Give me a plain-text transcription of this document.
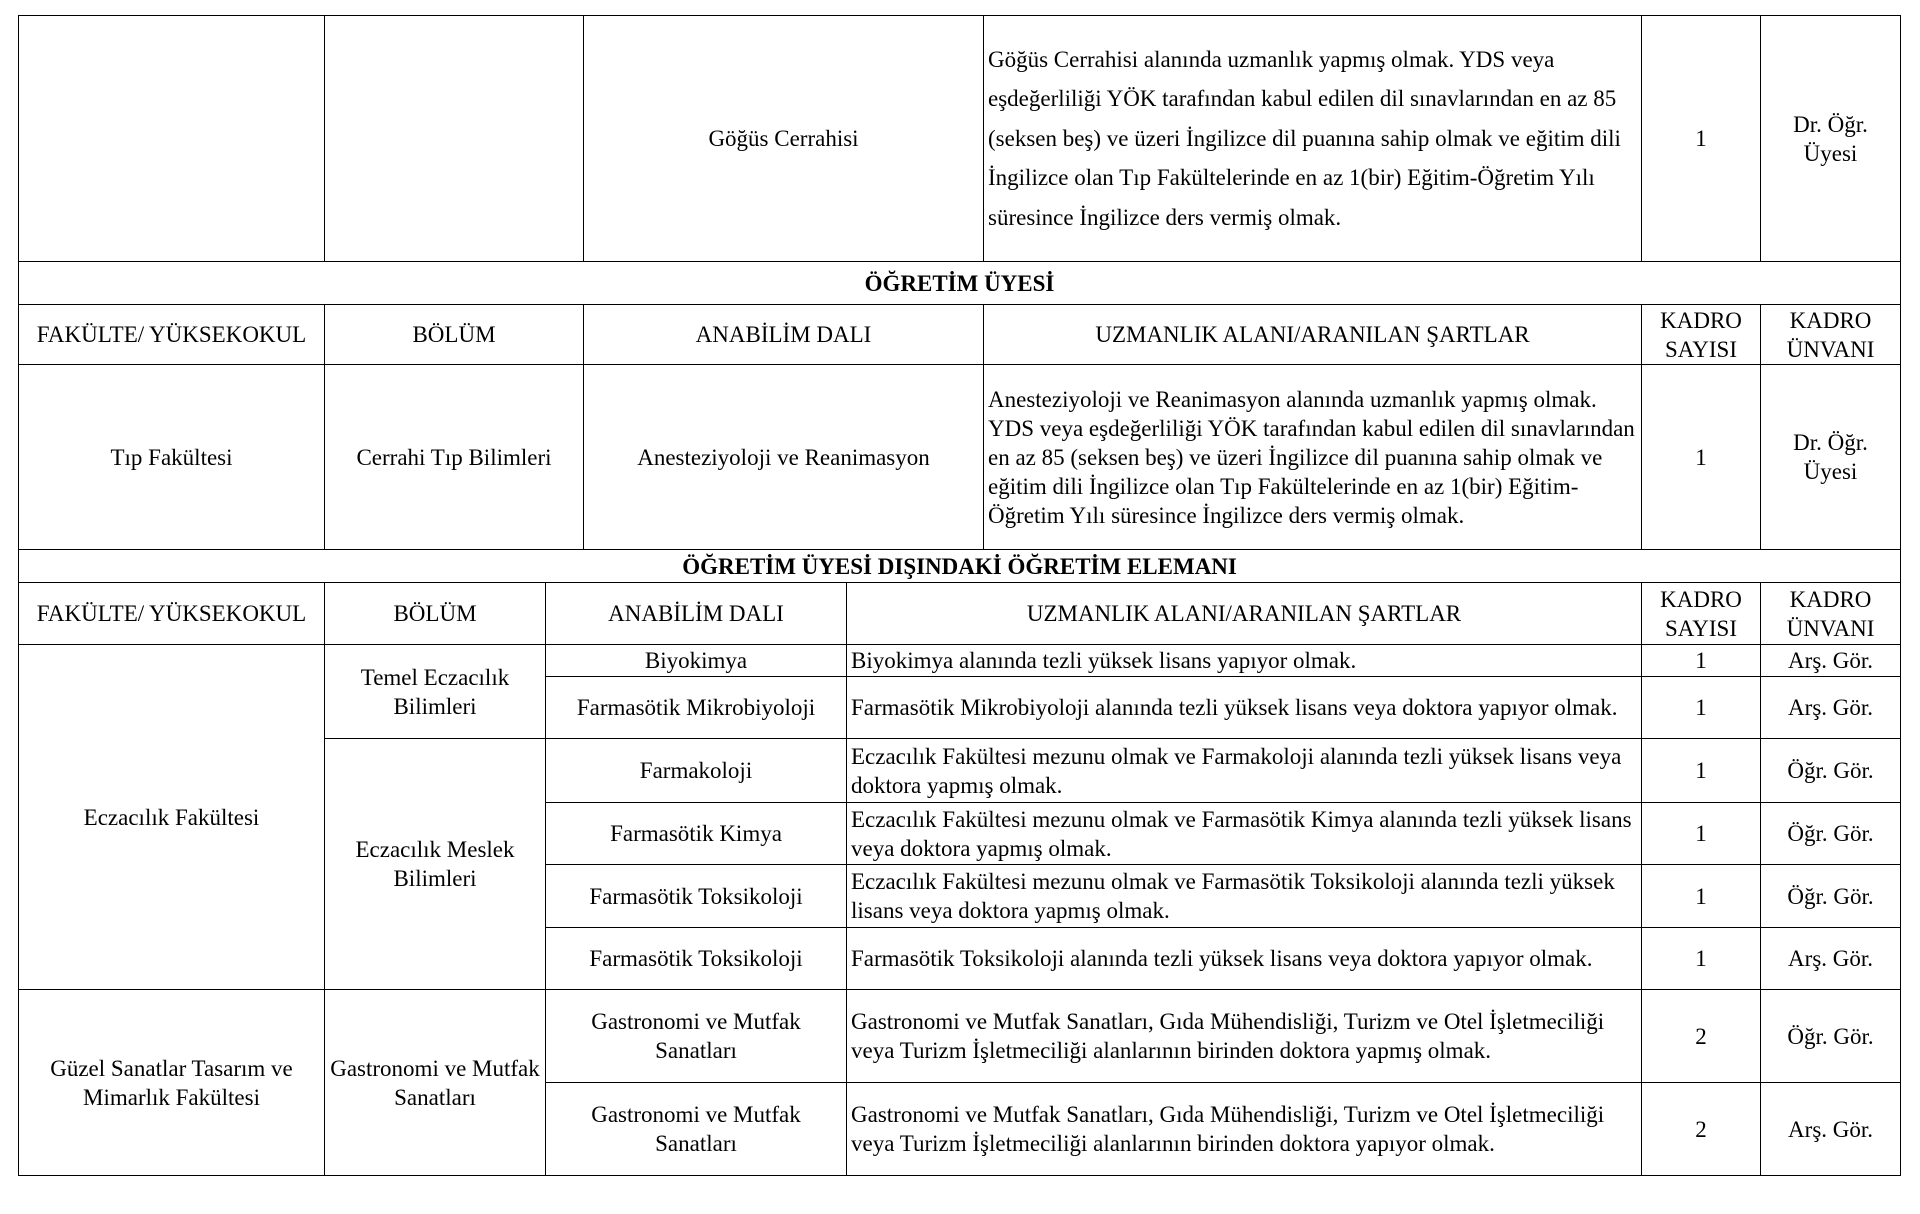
		Göğüs Cerrahisi	Göğüs Cerrahisi alanında uzmanlık yapmış olmak. YDS veya eşdeğerliliği YÖK tarafından kabul edilen dil sınavlarından en az 85 (seksen beş) ve üzeri İngilizce dil puanına sahip olmak ve eğitim dili İngilizce olan Tıp Fakültelerinde en az 1(bir) Eğitim-Öğretim Yılı süresince İngilizce ders vermiş olmak.	1	Dr. Öğr. Üyesi
ÖĞRETİM ÜYESİ					
FAKÜLTE/ YÜKSEKOKUL	BÖLÜM	ANABİLİM DALI	UZMANLIK ALANI/ARANILAN ŞARTLAR	KADRO SAYISI	KADRO ÜNVANI
Tıp Fakültesi	Cerrahi Tıp Bilimleri	Anesteziyoloji ve Reanimasyon	Anesteziyoloji ve Reanimasyon alanında uzmanlık yapmış olmak. YDS veya eşdeğerliliği YÖK tarafından kabul edilen dil sınavlarından en az 85 (seksen beş) ve üzeri İngilizce dil puanına sahip olmak ve eğitim dili İngilizce olan Tıp Fakültelerinde en az 1(bir) Eğitim-Öğretim Yılı süresince İngilizce ders vermiş olmak.	1	Dr. Öğr. Üyesi
ÖĞRETİM ÜYESİ DIŞINDAKİ ÖĞRETİM ELEMANI					
FAKÜLTE/ YÜKSEKOKUL	BÖLÜM	ANABİLİM DALI	UZMANLIK ALANI/ARANILAN ŞARTLAR	KADRO SAYISI	KADRO ÜNVANI
Eczacılık Fakültesi	Temel Eczacılık Bilimleri	Biyokimya	Biyokimya alanında tezli yüksek lisans yapıyor olmak.	1	Arş. Gör.
		Farmasötik Mikrobiyoloji	Farmasötik Mikrobiyoloji alanında tezli yüksek lisans veya doktora yapıyor olmak.	1	Arş. Gör.
	Eczacılık Meslek Bilimleri	Farmakoloji	Eczacılık Fakültesi mezunu olmak ve Farmakoloji alanında tezli yüksek lisans veya doktora yapmış olmak.	1	Öğr. Gör.
		Farmasötik Kimya	Eczacılık Fakültesi mezunu olmak ve Farmasötik Kimya alanında tezli yüksek lisans veya doktora yapmış olmak.	1	Öğr. Gör.
		Farmasötik Toksikoloji	Eczacılık Fakültesi mezunu olmak ve Farmasötik Toksikoloji alanında tezli yüksek lisans veya doktora yapmış olmak.	1	Öğr. Gör.
		Farmasötik Toksikoloji	Farmasötik Toksikoloji alanında tezli yüksek lisans veya doktora yapıyor olmak.	1	Arş. Gör.
Güzel Sanatlar Tasarım ve Mimarlık Fakültesi	Gastronomi ve Mutfak Sanatları	Gastronomi ve Mutfak Sanatları	Gastronomi ve Mutfak Sanatları, Gıda Mühendisliği, Turizm ve Otel İşletmeciliği veya Turizm İşletmeciliği alanlarının birinden doktora yapmış olmak.	2	Öğr. Gör.
		Gastronomi ve Mutfak Sanatları	Gastronomi ve Mutfak Sanatları, Gıda Mühendisliği, Turizm ve Otel İşletmeciliği veya Turizm İşletmeciliği alanlarının birinden doktora yapıyor olmak.	2	Arş. Gör.
